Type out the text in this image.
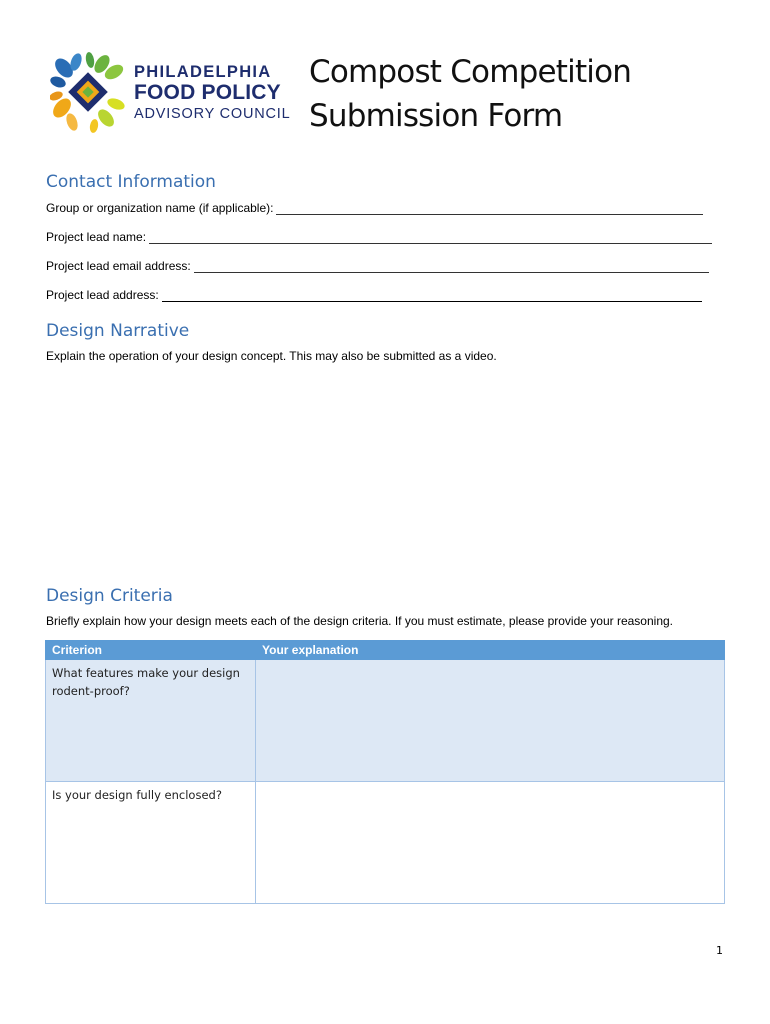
PHILADELPHIA
FOOD POLICY
ADVISORY COUNCIL
Compost Competition
Submission Form
Contact Information
Group or organization name (if applicable):
Project lead name:
Project lead email address:
Project lead address:
Design Narrative
Explain the operation of your design concept. This may also be submitted as a video.
Design Criteria
Briefly explain how your design meets each of the design criteria. If you must estimate, please provide your reasoning.
Criterion	Your explanation
What features make your design rodent-proof?	
Is your design fully enclosed?	
1
